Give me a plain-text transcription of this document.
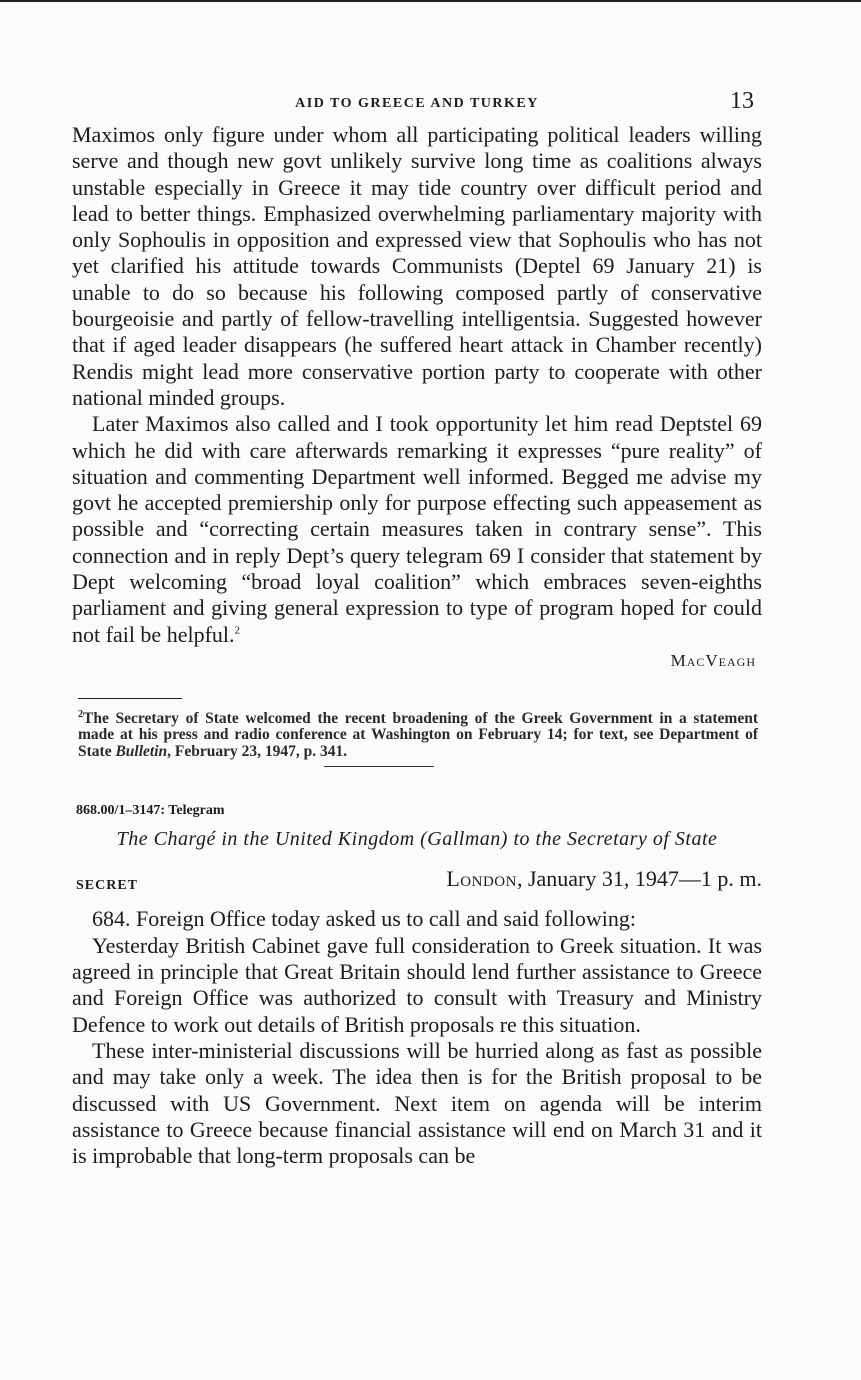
AID TO GREECE AND TURKEY	13

Maximos only figure under whom all participating political leaders willing serve and though new govt unlikely survive long time as coalitions always unstable especially in Greece it may tide country over difficult period and lead to better things. Emphasized overwhelming parliamentary majority with only Sophoulis in opposition and expressed view that Sophoulis who has not yet clarified his attitude towards Communists (Deptel 69 January 21) is unable to do so because his following composed partly of conservative bourgeoisie and partly of fellow-travelling intelligentsia. Suggested however that if aged leader disappears (he suffered heart attack in Chamber recently) Rendis might lead more conservative portion party to cooperate with other national minded groups.

Later Maximos also called and I took opportunity let him read Deptstel 69 which he did with care afterwards remarking it expresses “pure reality” of situation and commenting Department well informed. Begged me advise my govt he accepted premiership only for purpose effecting such appeasement as possible and “correcting certain measures taken in contrary sense”. This connection and in reply Dept’s query telegram 69 I consider that statement by Dept welcoming “broad loyal coalition” which embraces seven-eighths parliament and giving general expression to type of program hoped for could not fail be helpful.$^2$

MacVeagh

$^2$The Secretary of State welcomed the recent broadening of the Greek Government in a statement made at his press and radio conference at Washington on February 14; for text, see Department of State Bulletin, February 23, 1947, p. 341.

868.00/1–3147: Telegram
The Chargé in the United Kingdom (Gallman) to the Secretary of State
SECRET	London, January 31, 1947—1 p. m.

684. Foreign Office today asked us to call and said following:

Yesterday British Cabinet gave full consideration to Greek situation. It was agreed in principle that Great Britain should lend further assistance to Greece and Foreign Office was authorized to consult with Treasury and Ministry Defence to work out details of British proposals re this situation.

These inter-ministerial discussions will be hurried along as fast as possible and may take only a week. The idea then is for the British proposal to be discussed with US Government. Next item on agenda will be interim assistance to Greece because financial assistance will end on March 31 and it is improbable that long-term proposals can be
